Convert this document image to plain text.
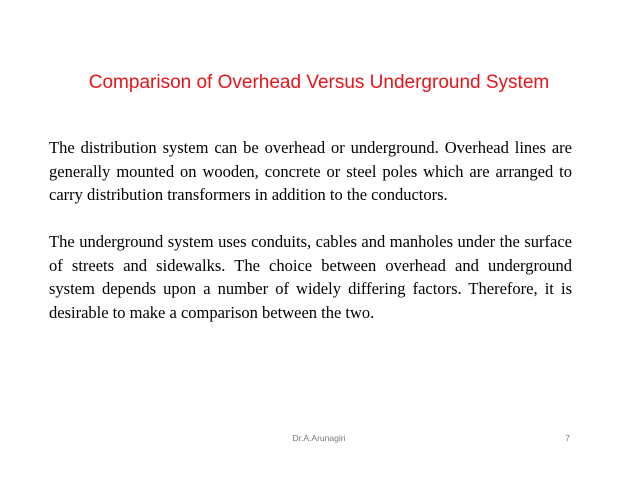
Comparison of Overhead Versus Underground System

The distribution system can be overhead or underground. Overhead lines are generally mounted on wooden, concrete or steel poles which are arranged to carry distribution transformers in addition to the conductors.

The underground system uses conduits, cables and manholes under the surface of streets and sidewalks. The choice between overhead and underground system depends upon a number of widely differing factors. Therefore, it is desirable to make a comparison between the two.

Dr.A.Arunagiri	7
